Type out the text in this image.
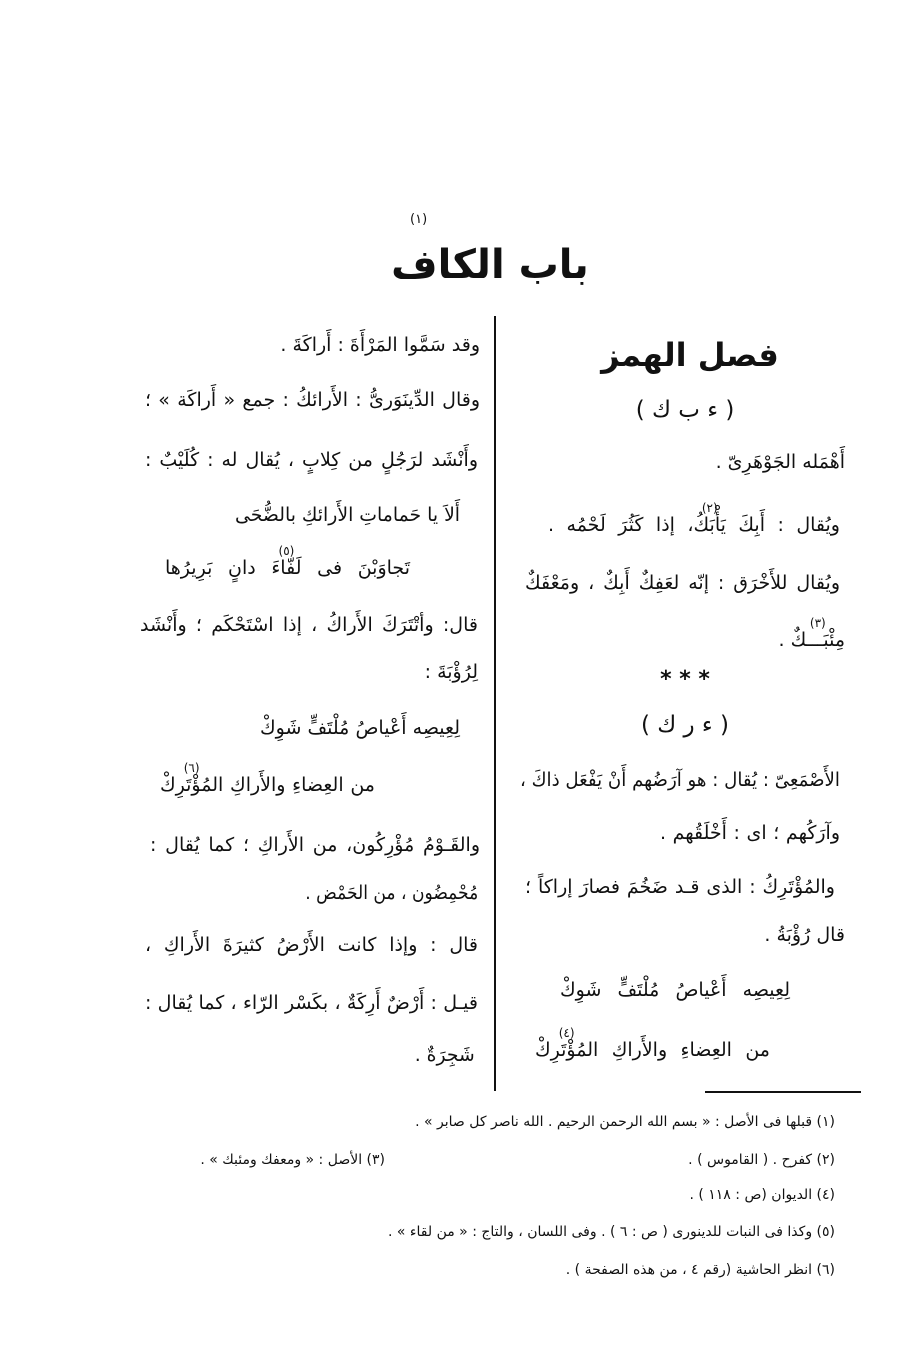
(١)
باب الكاف
فصل الهمز
( ء ب ك )
أَهْمَله الجَوْهَرِىّ .
ويُقال : أَبِكَ يَأْبَكُ
(٢)
، إذا كَثُرَ لَحْمُه .
ويُقال للأَخْرَق : إنّه لعَفِكٌ أَبِكٌ ، ومَعْفَكٌ
مِئْبَـــكٌ
(٣)
.
* * *
( ء ر ك )
الأَصْمَعِىّ : يُقال : هو آرَضُهم أَنْ يَفْعَل ذاكَ ،
وآرَكُهم ؛ اى : أَخْلَقُهم .
والمُؤْتَرِكُ : الذى قـد ضَخُمَ فصارَ إراكاً ؛
قال رُؤْبَةُ .
لِعِيصِه أَعْياصُ مُلْتَفٍّ شَوِكْ
من العِضاءِ والأَراكِ المُؤْتَرِكْ
(٤)
وقد سَمَّوا المَرْأَةَ : أَراكَةَ .
وقال الدِّينَوَرىُّ : الأَرائكُ : جمع « أَراكَة » ؛
وأَنْشَد لرَجُلٍ من كِلابٍ ، يُقال له : كُلَيْبٌ :
أَلاَ يا حَماماتِ الأَرائكِ بالضُّحَى
تَجاوَبْنَ فى لَفّاءَ
(٥)
دانٍ بَرِيرُها
قال: وأتْتَرَكَ الأَراكُ ، إذا اسْتَحْكَم ؛ وأَنْشَد
لِرُؤْبَةَ :
لِعِيصِه أَعْياصُ مُلْتَفٍّ شَوِكْ
من العِضاءِ والأَراكِ المُؤْتَرِكْ
(٦)
والقَـوْمُ مُؤْرِكُون، من الأَراكِ ؛ كما يُقال :
مُحْمِضُون ، من الحَمْض .
قال : وإذا كانت الأَرْضُ كثيرَةَ الأَراكِ ،
قيـل : أَرْضٌ أَرِكَةٌ ، بكَسْر الرّاء ، كما يُقال :
شَجِرَةٌ .
(١) قبلها فى الأصل : « بسم الله الرحمن الرحيم . الله ناصر كل صابر » .
(٢) كفرح . ( القاموس ) .
(٣) الأصل : « ومعفك ومئبك » .
(٤) الديوان (ص : ١١٨ ) .
(٥) وكذا فى النبات للدينورى ( ص : ٦ ) . وفى اللسان ، والتاج : « من لقاء » .
(٦) انظر الحاشية (رقم ٤ ، من هذه الصفحة ) .
